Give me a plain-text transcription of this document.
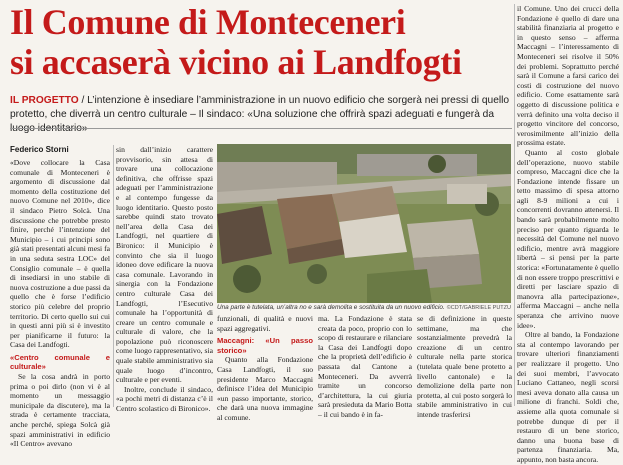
Il Comune di Monteceneri
si accaserà vicino ai Landfogti
IL PROGETTO / L’intenzione è insediare l’amministrazione in un nuovo edificio che sorgerà nei pressi di quello protetto, che diverrà un centro culturale – Il sindaco: «Una soluzione che offrirà spazi adeguati e fungerà da
Federico Storni

«Dove collocare la Casa comunale di Monteceneri è argomento di discussione dal momento della costituzione del nuovo Comune nel 2010», dice il sindaco Pietro Solcà. Una discussione che potrebbe presto finire, perché l’intenzione del Municipio – i cui principi sono già stati presentati alcuni mesi fa in una seduta sestra LOC» del Consiglio comunale – è quella di insediarsi in uno stabile di nuova costruzione a due passi da quello che è forse l’edificio storico più celebre del proprio territorio. Di certo quello sui cui in questi anni più si è investito per pianificarne il futuro: la Casa dei Landfogti.

«Centro comunale e culturale»

Se la cosa andrà in porto prima o poi dirlo (non vi è al momento un messaggio municipale da discutere), ma la strada è certamente tracciata, anche perché, spiega Solcà già spazi amministrativi in edificio «Il Centro» avevano

sin dall’inizio carattere provvisorio, sin attesa di trovare una collocazione definitiva, che offrisse spazi adeguati per l’amministrazione e al contempo fungesse da luogo identitario. Questo posto sarebbe quindi stato trovato nell’area della Casa dei Landfogti, nel quartiere di Bironico: il Municipio è convinto che sia il luogo idoneo dove edificare la nuova casa comunale. Lavorando in sinergia con la Fondazione centro culturale Casa dei Landfogti, l’Esecutivo comunale ha l’opportunità di creare un centro comunale e culturale di valore, che la popolazione può riconoscere come luogo rappresentativo, sia quale stabile amministrativo sia quale luogo d’incontro, culturale e per eventi.

Inoltre, conclude il sindaco, «a pochi metri di distanza c’è il Centro scolastico di Bironico».

Una parte è tutelata, un’altra no e sarà demolita e sostituita da un nuovo edificio. ©CDT/GABRIELE PUTZU

funzionali, di qualità e nuovi spazi aggregativi.

Maccagni: «Un passo storico»

Quanto alla Fondazione Casa Landfogti, il suo presidente Marco Maccagni definisce l’idea del Municipio «un passo importante, storico, che darà una nuova immagine al comune.

ma. La Fondazione è stata creata da poco, proprio con lo scopo di restaurare e rilanciare la Casa dei Landfogti dopo che la proprietà dell’edificio è passata dal Cantone a Monteceneri. Da avverrà tramite un concorso d’architettura, la cui giuria sarà presieduta da Mario Botta – il cui bando è in fa-

se di definizione in queste settimane, ma che sostanzialmente prevedrà la creazione di un centro culturale nella parte storica (tutelata quale bene protetto a livello cantonale) e la demolizione della parte non protetta, al cui posto sorgerà lo stabile amministrativo in cui intende trasferirsi

il Comune. Uno dei crucci della Fondazione è quello di dare una stabilità finanziaria al progetto e in questo senso – afferma Maccagni – l’interessamento di Monteceneri sei risolve il 50% dei problemi. Soprattutto perché sarà il Comune a farsi carico dei costi di costruzione del nuovo edificio. Come esattamente sarà oggetto di discussione politica e verrà definito una volta deciso il progetto vincitore del concorso, verosimilmente all’inizio della prossima estate.

Quanto al costo globale dell’operazione, nuovo stabile compreso, Maccagni dice che la Fondazione intende fissare un tetto massimo di spesa attorno agli 8-9 milioni a cui i concorrenti dovranno attenersi. Il bando sarà probabilmente molto preciso per quanto riguarda le necessità del Comune nel nuovo edificio, mentre avrà maggiore libertà – si pensi per la parte storica: «Fortunatamente è quello di non essere troppo prescrittivi e diretti per lasciare spazio di manovra alla partecipazione», afferma Maccagni – anche nella speranza che arrivino nuove idee».

Oltre al bando, la Fondazione sta al contempo lavorando per trovare ulteriori finanziamenti per realizzare il progetto. Uno dei suoi membri, l’avvocato Luciano Cattaneo, negli scorsi mesi aveva donato alla causa un milione di franchi. Soldi che, assieme alla quota comunale si potrebbe dunque di per il restauro di un bene storico, danno una buona base di partenza finanziaria. Ma, appunto, non basta ancora.
